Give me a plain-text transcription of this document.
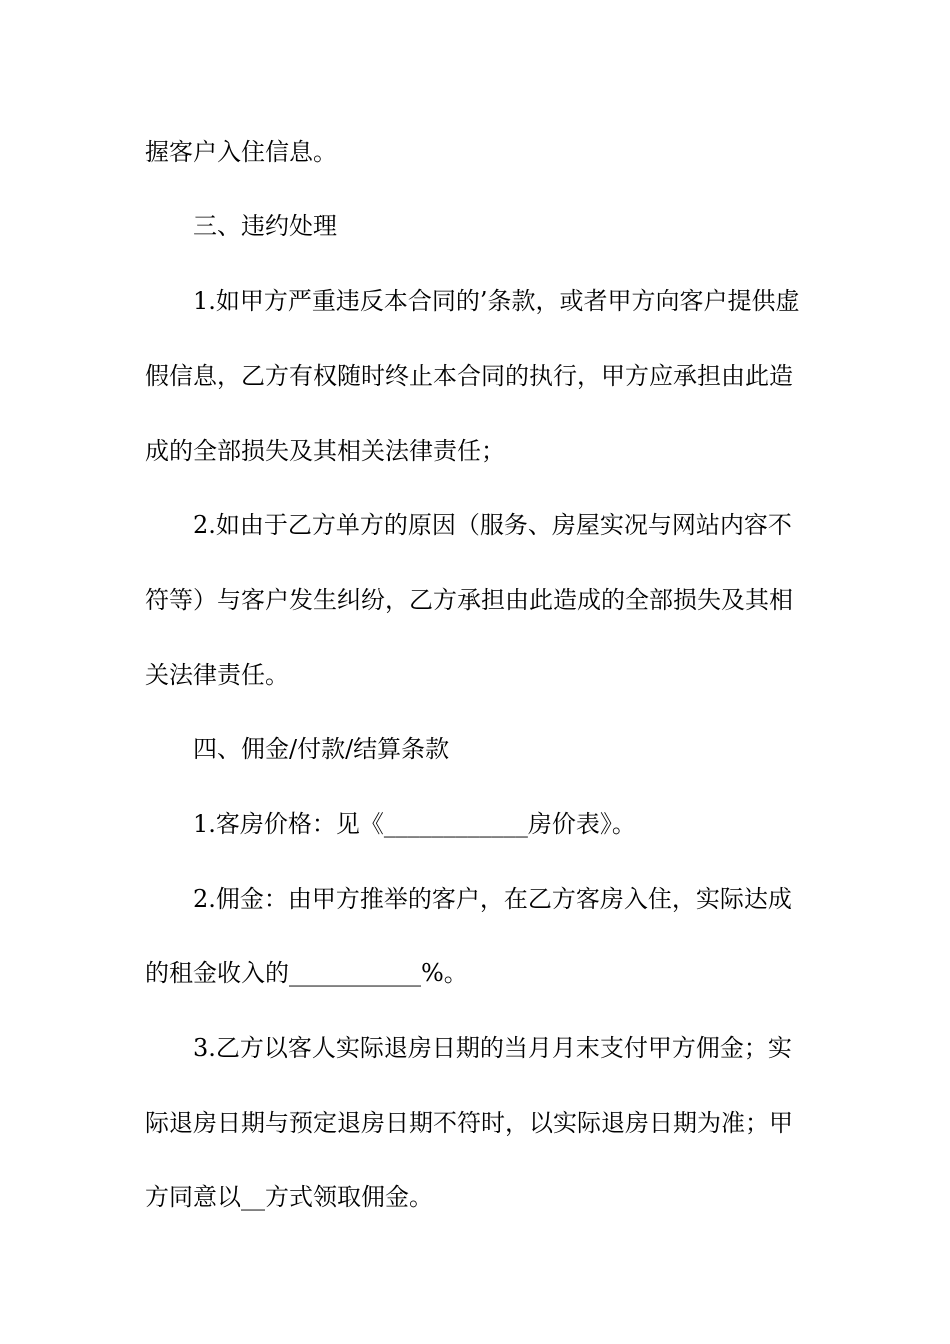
握客户入住信息。
三、违约处理
1.如甲方严重违反本合同的’条款，或者甲方向客户提供虚
假信息，乙方有权随时终止本合同的执行，甲方应承担由此造
成的全部损失及其相关法律责任；
2.如由于乙方单方的原因（服务、房屋实况与网站内容不
符等）与客户发生纠纷，乙方承担由此造成的全部损失及其相
关法律责任。
四、佣金/付款/结算条款
1.客房价格：见《____________房价表》。
2.佣金：由甲方推举的客户，在乙方客房入住，实际达成
的租金收入的___________%。
3.乙方以客人实际退房日期的当月月末支付甲方佣金；实
际退房日期与预定退房日期不符时，以实际退房日期为准；甲
方同意以__方式领取佣金。
